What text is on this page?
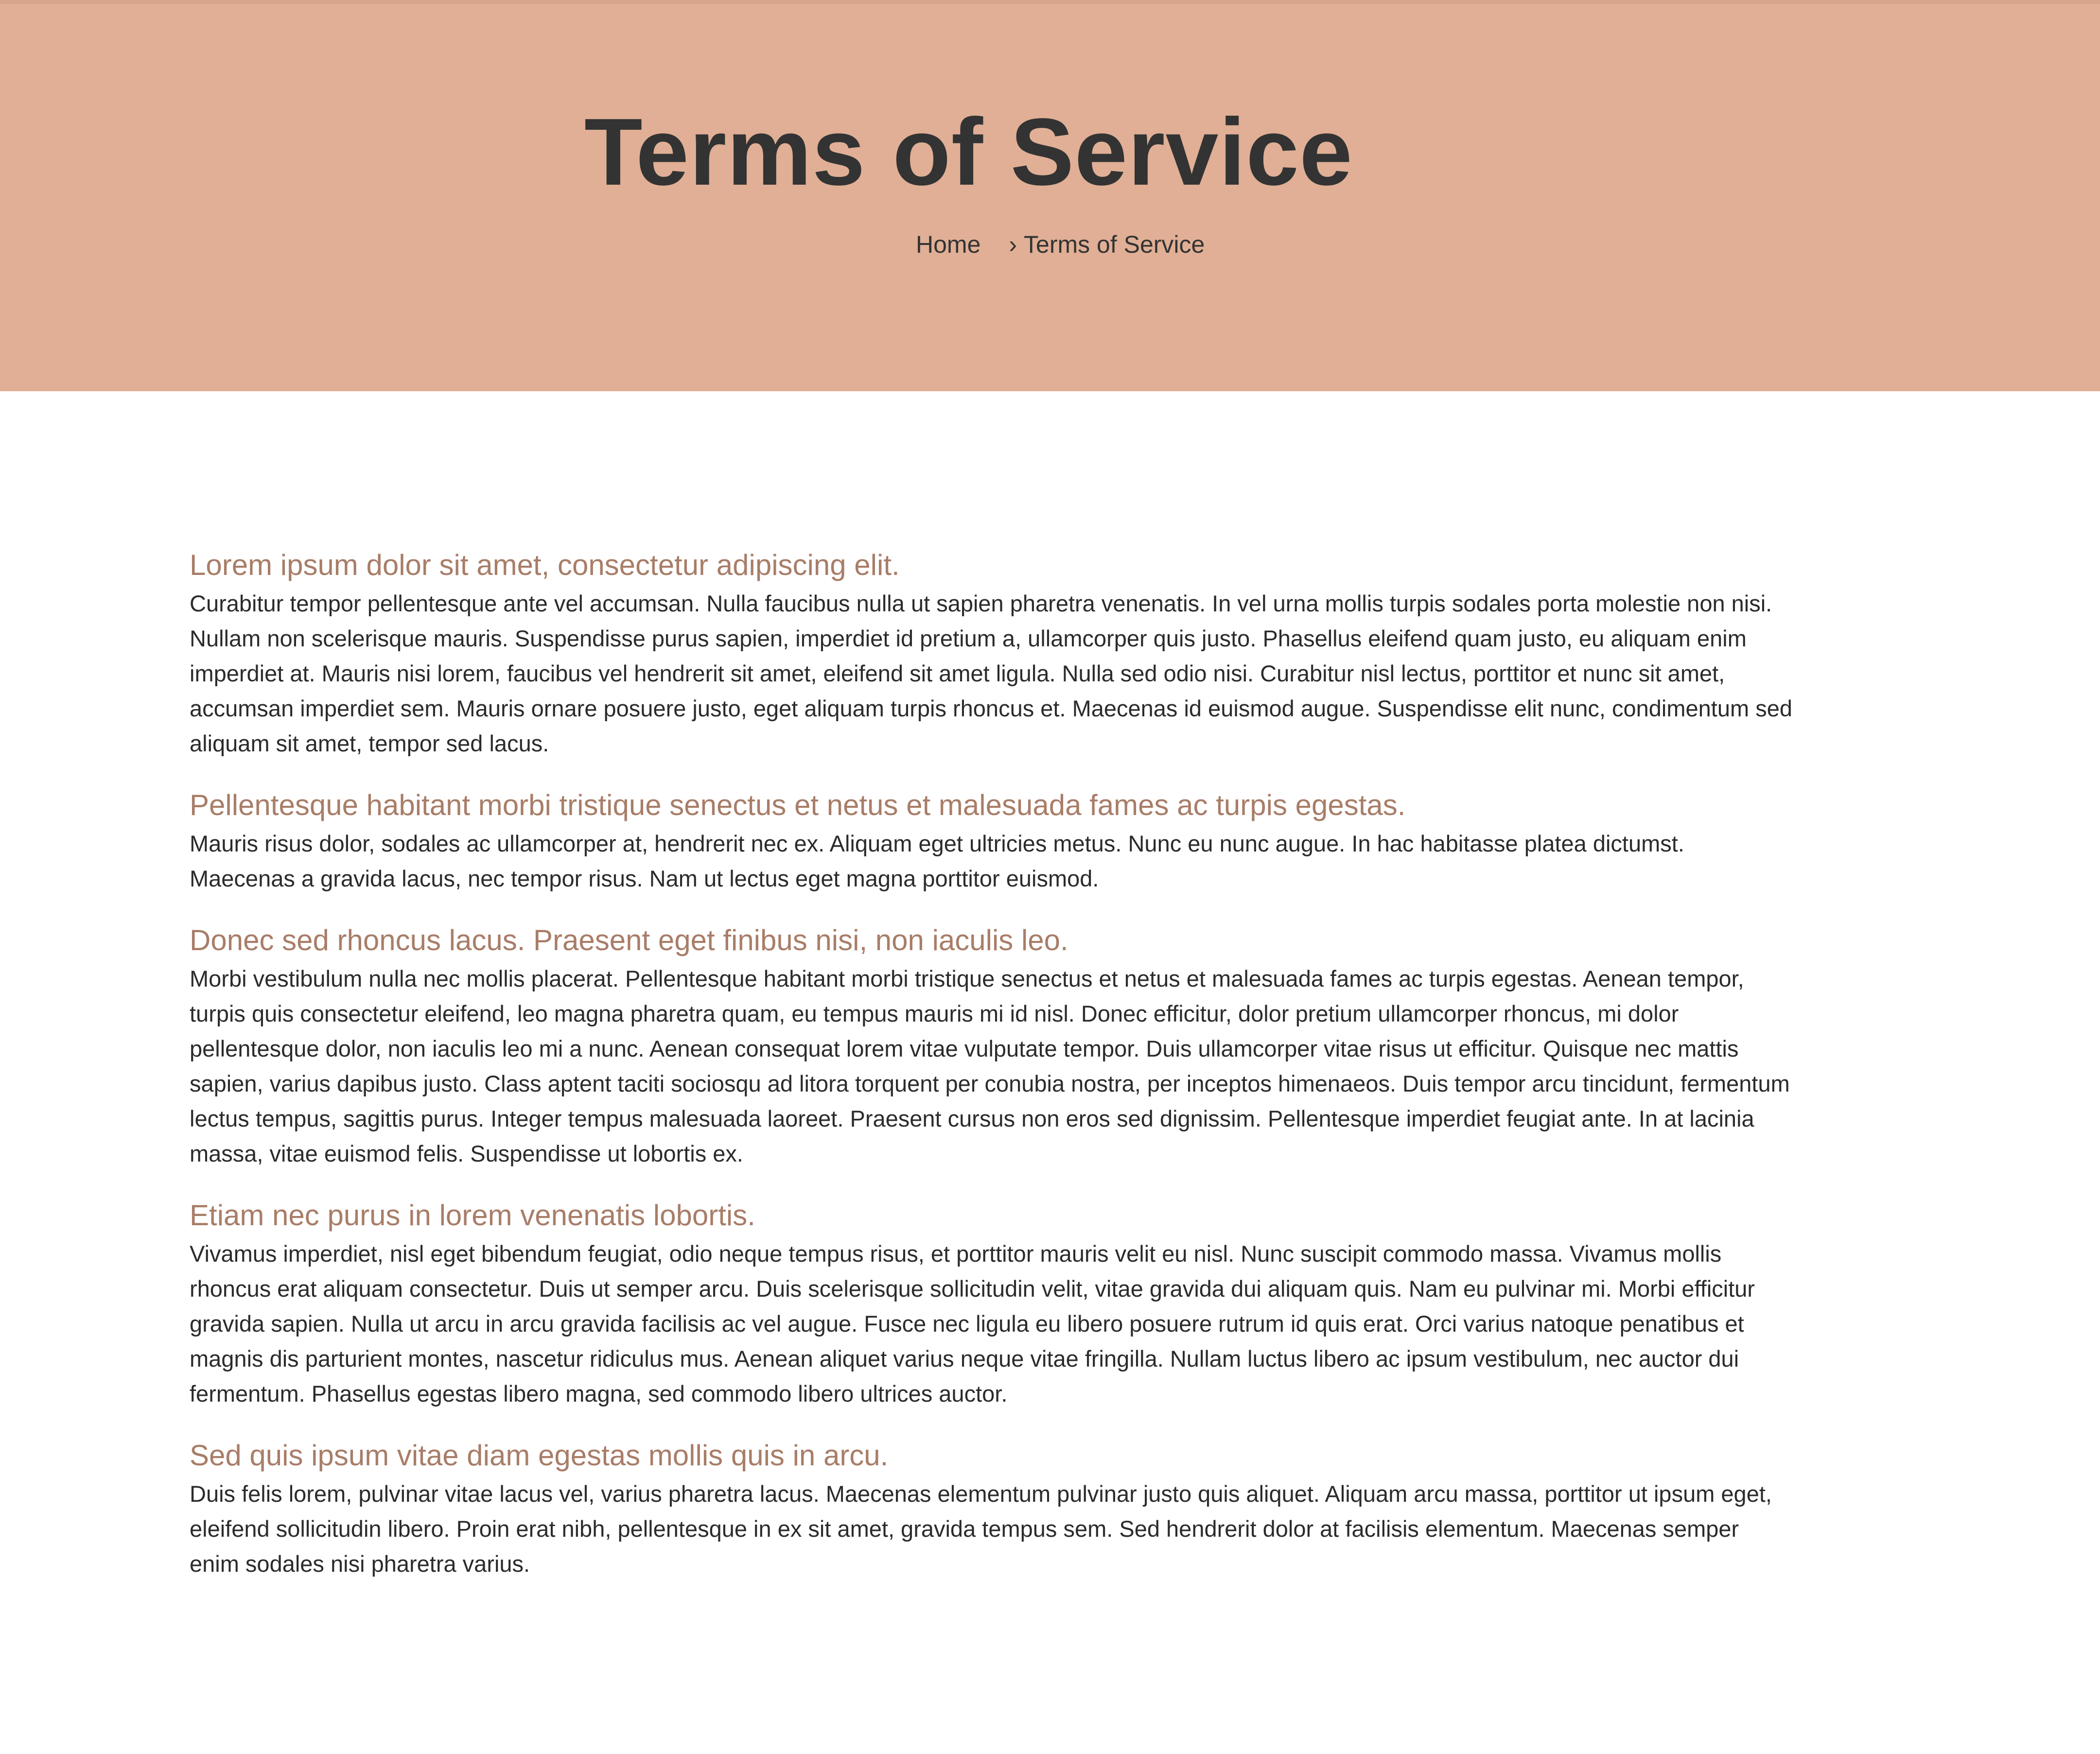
Terms of Service
Home › Terms of Service
Lorem ipsum dolor sit amet, consectetur adipiscing elit.

Curabitur tempor pellentesque ante vel accumsan. Nulla faucibus nulla ut sapien pharetra venenatis. In vel urna mollis turpis sodales porta molestie non nisi. Nullam non scelerisque mauris. Suspendisse purus sapien, imperdiet id pretium a, ullamcorper quis justo. Phasellus eleifend quam justo, eu aliquam enim imperdiet at. Mauris nisi lorem, faucibus vel hendrerit sit amet, eleifend sit amet ligula. Nulla sed odio nisi. Curabitur nisl lectus, porttitor et nunc sit amet, accumsan imperdiet sem. Mauris ornare posuere justo, eget aliquam turpis rhoncus et. Maecenas id euismod augue. Suspendisse elit nunc, condimentum sed aliquam sit amet, tempor sed lacus.

Pellentesque habitant morbi tristique senectus et netus et malesuada fames ac turpis egestas.

Mauris risus dolor, sodales ac ullamcorper at, hendrerit nec ex. Aliquam eget ultricies metus. Nunc eu nunc augue. In hac habitasse platea dictumst. Maecenas a gravida lacus, nec tempor risus. Nam ut lectus eget magna porttitor euismod.

Donec sed rhoncus lacus. Praesent eget finibus nisi, non iaculis leo.

Morbi vestibulum nulla nec mollis placerat. Pellentesque habitant morbi tristique senectus et netus et malesuada fames ac turpis egestas. Aenean tempor, turpis quis consectetur eleifend, leo magna pharetra quam, eu tempus mauris mi id nisl. Donec efficitur, dolor pretium ullamcorper rhoncus, mi dolor pellentesque dolor, non iaculis leo mi a nunc. Aenean consequat lorem vitae vulputate tempor. Duis ullamcorper vitae risus ut efficitur. Quisque nec mattis sapien, varius dapibus justo. Class aptent taciti sociosqu ad litora torquent per conubia nostra, per inceptos himenaeos. Duis tempor arcu tincidunt, fermentum lectus tempus, sagittis purus. Integer tempus malesuada laoreet. Praesent cursus non eros sed dignissim. Pellentesque imperdiet feugiat ante. In at lacinia massa, vitae euismod felis. Suspendisse ut lobortis ex.

Etiam nec purus in lorem venenatis lobortis.

Vivamus imperdiet, nisl eget bibendum feugiat, odio neque tempus risus, et porttitor mauris velit eu nisl. Nunc suscipit commodo massa. Vivamus mollis rhoncus erat aliquam consectetur. Duis ut semper arcu. Duis scelerisque sollicitudin velit, vitae gravida dui aliquam quis. Nam eu pulvinar mi. Morbi efficitur gravida sapien. Nulla ut arcu in arcu gravida facilisis ac vel augue. Fusce nec ligula eu libero posuere rutrum id quis erat. Orci varius natoque penatibus et magnis dis parturient montes, nascetur ridiculus mus. Aenean aliquet varius neque vitae fringilla. Nullam luctus libero ac ipsum vestibulum, nec auctor dui fermentum. Phasellus egestas libero magna, sed commodo libero ultrices auctor.

Sed quis ipsum vitae diam egestas mollis quis in arcu.

Duis felis lorem, pulvinar vitae lacus vel, varius pharetra lacus. Maecenas elementum pulvinar justo quis aliquet. Aliquam arcu massa, porttitor ut ipsum eget, eleifend sollicitudin libero. Proin erat nibh, pellentesque in ex sit amet, gravida tempus sem. Sed hendrerit dolor at facilisis elementum. Maecenas semper enim sodales nisi pharetra varius.
